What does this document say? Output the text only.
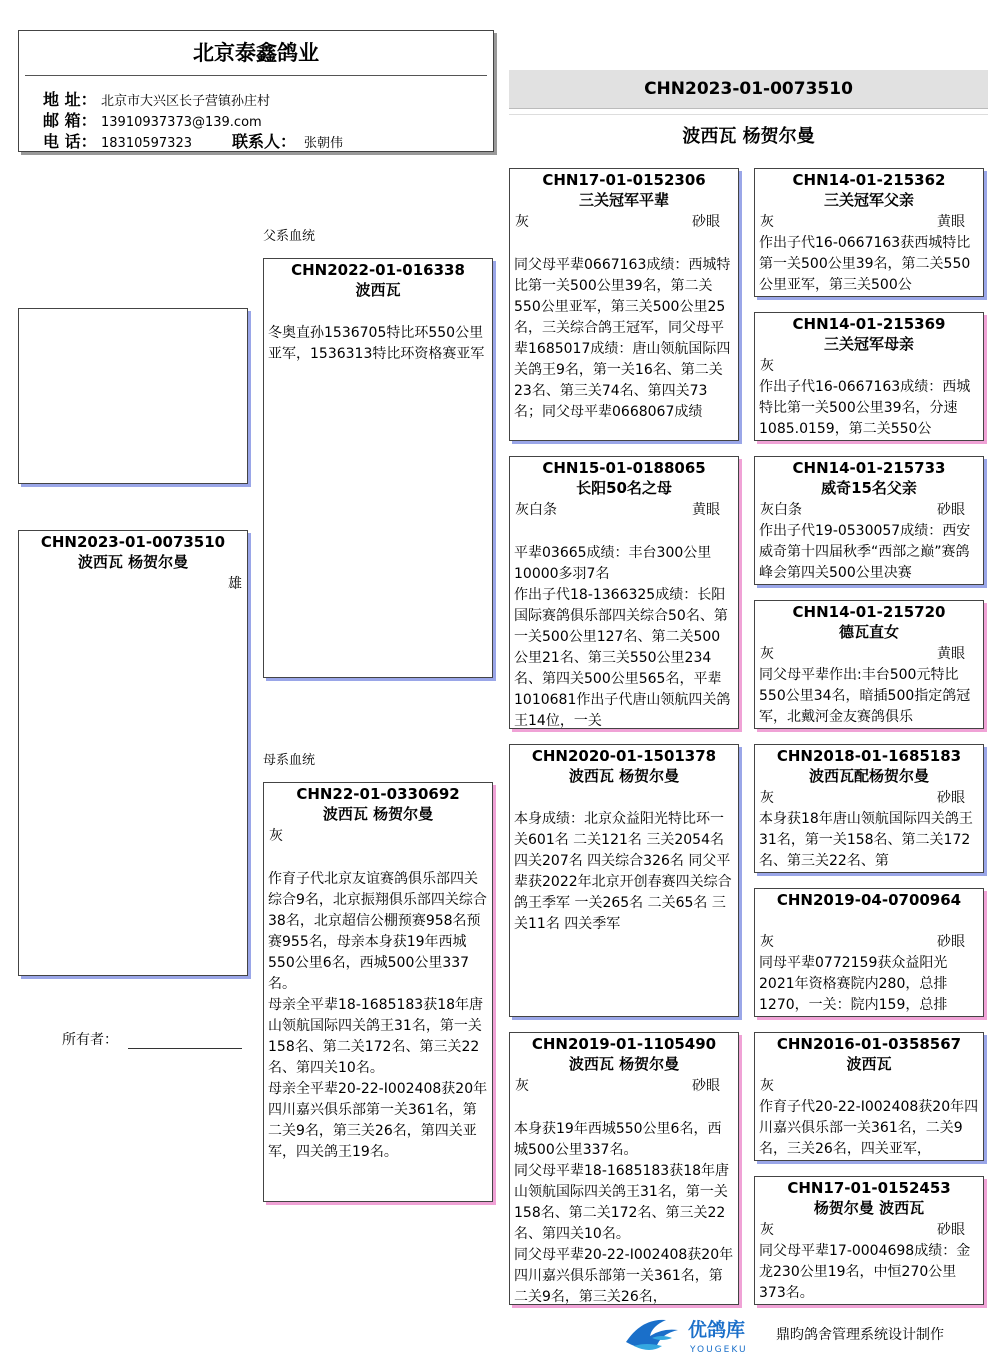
北京泰鑫鸽业
地 址： 北京市大兴区长子营镇孙庄村
邮 箱： 13910937373@139.com
电 话： 18310597323	联系人： 张朝伟
CHN2023-01-0073510
波西瓦 杨贺尔曼
CHN2023-01-0073510
波西瓦 杨贺尔曼
雄
所有者：
父系血统
母系血统
CHN2022-01-016338
波西瓦
冬奥直孙1536705特比环550公里亚军，1536313特比环资格赛亚军
CHN22-01-0330692
波西瓦 杨贺尔曼
灰
作育子代北京友谊赛鸽俱乐部四关综合9名，北京振翔俱乐部四关综合38名，北京超信公棚预赛958名预赛955名，母亲本身获19年西城550公里6名，西城500公里337名。
母亲全平辈18-1685183获18年唐山领航国际四关鸽王31名，第一关158名、第二关172名、第三关22名、第四关10名。
母亲全平辈20-22-I002408获20年四川嘉兴俱乐部第一关361名，第二关9名，第三关26名，第四关亚军，四关鸽王19名。
CHN17-01-0152306
三关冠军平辈
灰	砂眼
同父母平辈0667163成绩：西城特比第一关500公里39名，第二关550公里亚军，第三关500公里25名，三关综合鸽王冠军，同父母平辈1685017成绩：唐山领航国际四关鸽王9名，第一关16名、第二关23名、第三关74名、第四关73名；同父母平辈0668067成绩
CHN15-01-0188065
长阳50名之母
灰白条	黄眼
平辈03665成绩：丰台300公里10000多羽7名
作出子代18-1366325成绩：长阳国际赛鸽俱乐部四关综合50名、第一关500公里127名、第二关500公里21名、第三关550公里234名、第四关500公里565名，平辈1010681作出子代唐山领航四关鸽王14位，一关
CHN2020-01-1501378
波西瓦 杨贺尔曼
本身成绩：北京众益阳光特比环一关601名 二关121名 三关2054名 四关207名 四关综合326名 同父平辈获2022年北京开创春赛四关综合鸽王季军 一关265名 二关65名 三关11名 四关季军
CHN2019-01-1105490
波西瓦 杨贺尔曼
灰	砂眼
本身获19年西城550公里6名，西城500公里337名。
同父母平辈18-1685183获18年唐山领航国际四关鸽王31名，第一关158名、第二关172名、第三关22名、第四关10名。
同父母平辈20-22-I002408获20年四川嘉兴俱乐部第一关361名，第二关9名，第三关26名，
CHN14-01-215362
三关冠军父亲
灰	黄眼
作出子代16-0667163获西城特比第一关500公里39名，第二关550公里亚军，第三关500公
CHN14-01-215369
三关冠军母亲
灰
作出子代16-0667163成绩：西城特比第一关500公里39名，分速1085.0159，第二关550公
CHN14-01-215733
威奇15名父亲
灰白条	砂眼
作出子代19-0530057成绩：西安威奇第十四届秋季“西部之巅”赛鸽峰会第四关500公里决赛
CHN14-01-215720
德瓦直女
灰	黄眼
同父母平辈作出:丰台500元特比550公里34名，暗插500指定鸽冠军，北戴河金友赛鸽俱乐
CHN2018-01-1685183
波西瓦配杨贺尔曼
灰	砂眼
本身获18年唐山领航国际四关鸽王31名，第一关158名、第二关172名、第三关22名、第
CHN2019-04-0700964
灰	砂眼
同母平辈0772159获众益阳光2021年资格赛院内280，总排1270，一关：院内159，总排
CHN2016-01-0358567
波西瓦
灰
作育子代20-22-I002408获20年四川嘉兴俱乐部一关361名，二关9名，三关26名，四关亚军，
CHN17-01-0152453
杨贺尔曼 波西瓦
灰	砂眼
同父母平辈17-0004698成绩：金龙230公里19名，中恒270公里373名。
优鸽库
YOUGEKU
鼎昀鸽舍管理系统设计制作
